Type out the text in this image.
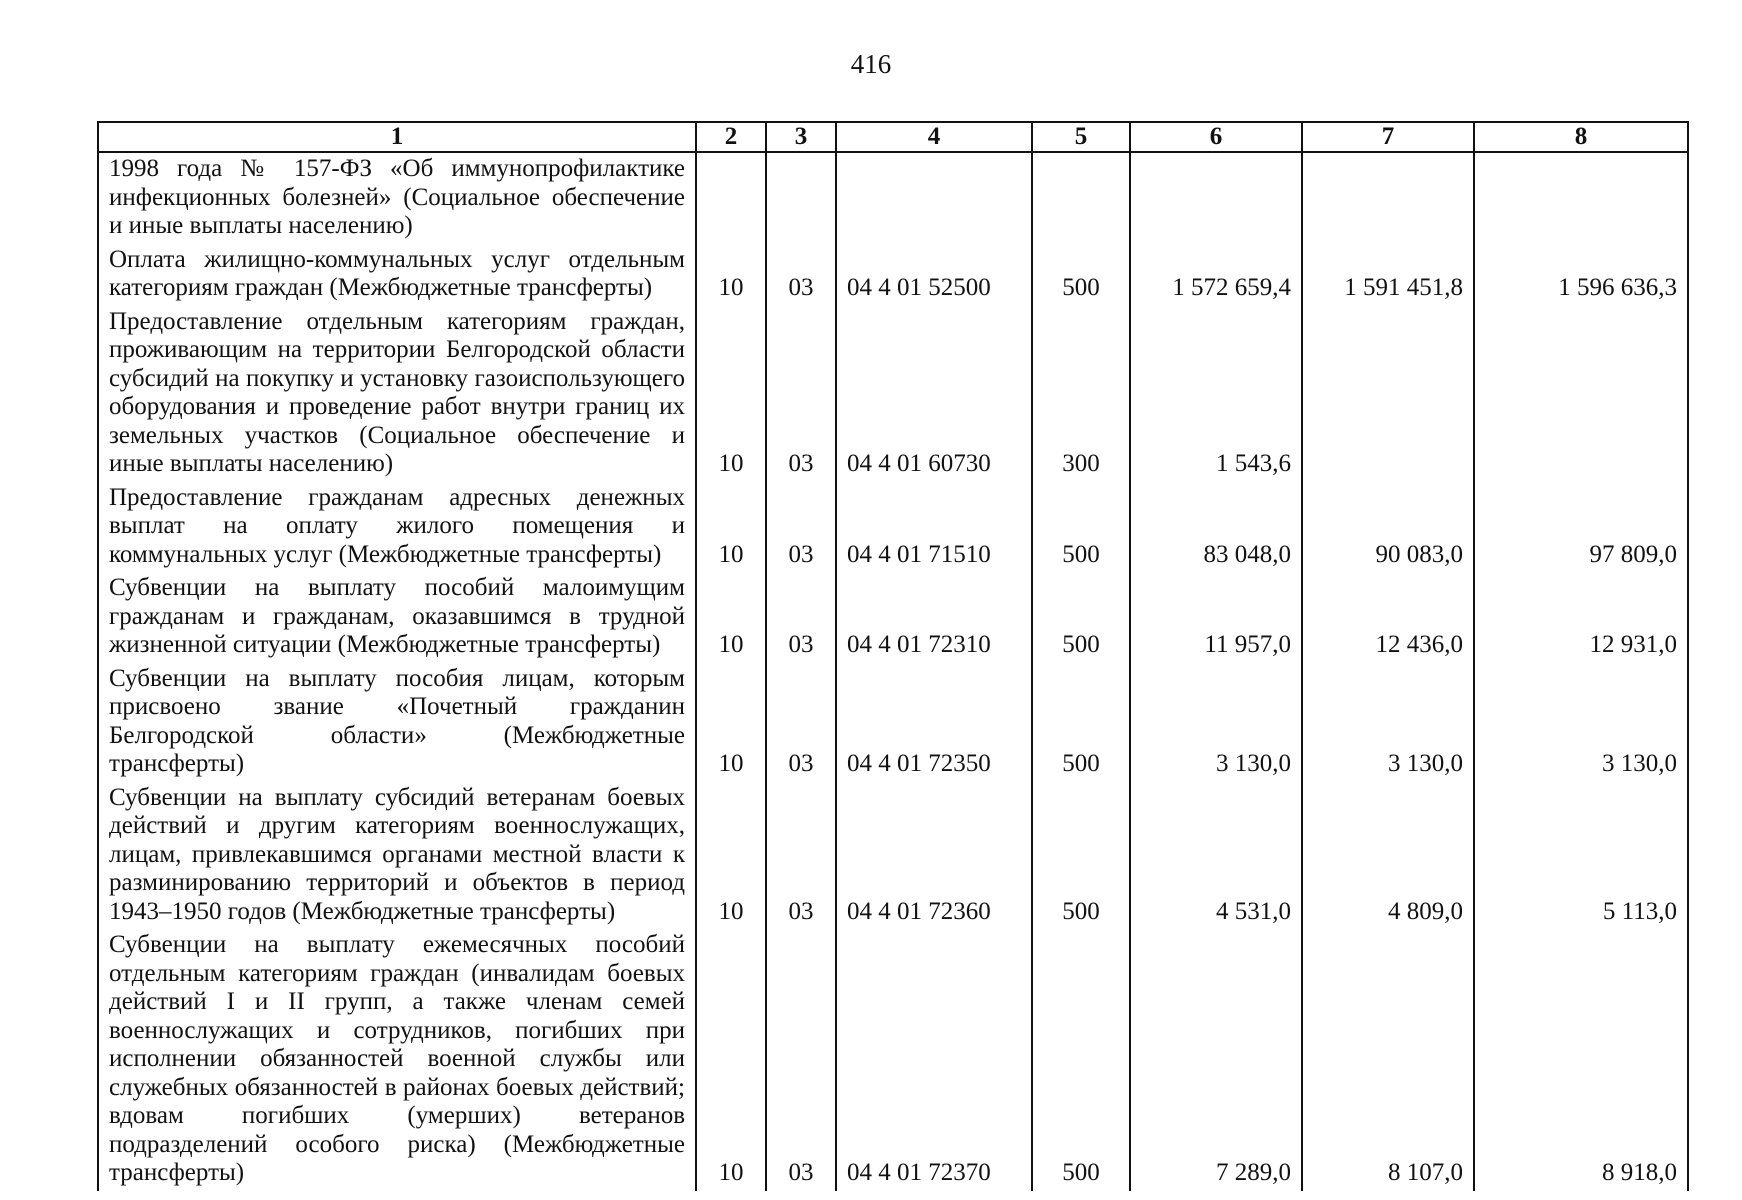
416
1	2	3	4	5	6	7	8
1998 года № 157-ФЗ «Об иммунопрофилактике инфекционных болезней» (Социальное обеспечение и иные выплаты населению)							
Оплата жилищно-коммунальных услуг отдельным категориям граждан (Межбюджетные трансферты)	10	03	04 4 01 52500	500	1 572 659,4	1 591 451,8	1 596 636,3
Предоставление отдельным категориям граждан, проживающим на территории Белгородской области субсидий на покупку и установку газоиспользующего оборудования и проведение работ внутри границ их земельных участков (Социальное обеспечение и иные выплаты населению)	10	03	04 4 01 60730	300	1 543,6		
Предоставление гражданам адресных денежных выплат на оплату жилого помещения и коммунальных услуг (Межбюджетные трансферты)	10	03	04 4 01 71510	500	83 048,0	90 083,0	97 809,0
Субвенции на выплату пособий малоимущим гражданам и гражданам, оказавшимся в трудной жизненной ситуации (Межбюджетные трансферты)	10	03	04 4 01 72310	500	11 957,0	12 436,0	12 931,0
Субвенции на выплату пособия лицам, которым присвоено звание «Почетный гражданин Белгородской области» (Межбюджетные трансферты)	10	03	04 4 01 72350	500	3 130,0	3 130,0	3 130,0
Субвенции на выплату субсидий ветеранам боевых действий и другим категориям военнослужащих, лицам, привлекавшимся органами местной власти к разминированию территорий и объектов в период 1943–1950 годов (Межбюджетные трансферты)	10	03	04 4 01 72360	500	4 531,0	4 809,0	5 113,0
Субвенции на выплату ежемесячных пособий отдельным категориям граждан (инвалидам боевых действий I и II групп, а также членам семей военнослужащих и сотрудников, погибших при исполнении обязанностей военной службы или служебных обязанностей в районах боевых действий; вдовам погибших (умерших) ветеранов подразделений особого риска) (Межбюджетные трансферты)	10	03	04 4 01 72370	500	7 289,0	8 107,0	8 918,0
